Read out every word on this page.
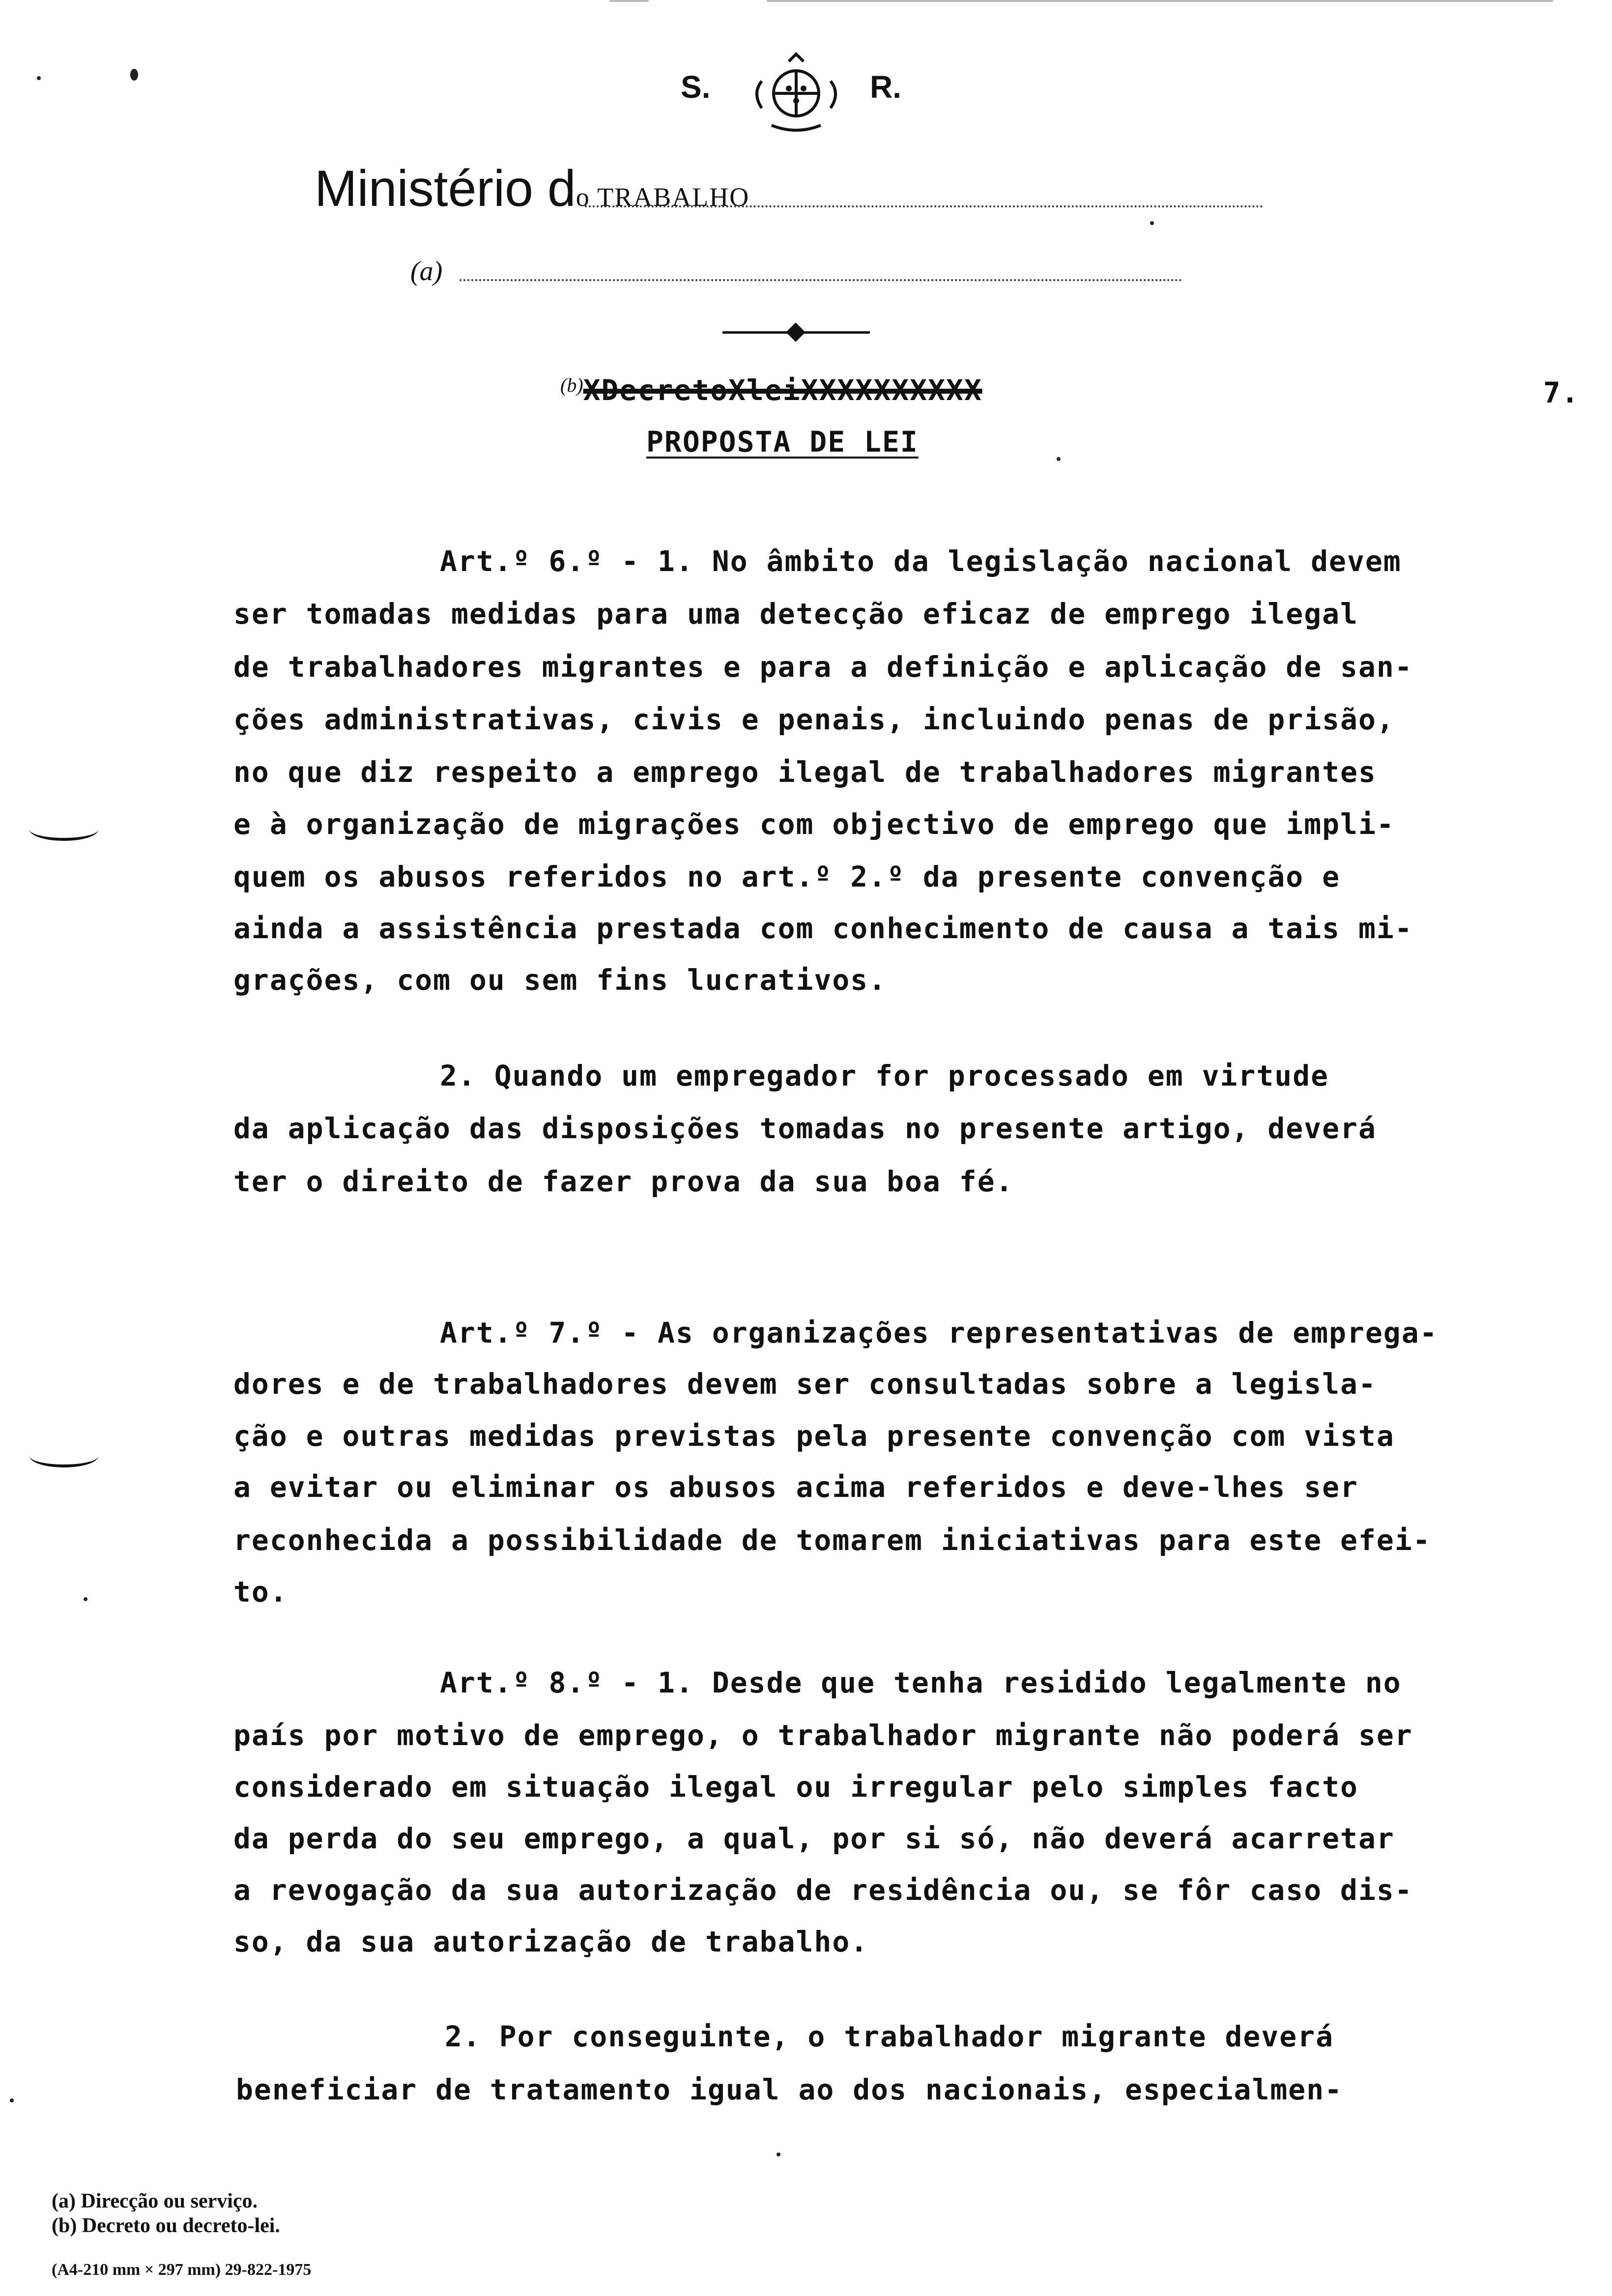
S.	R.
Ministério do TRABALHO
(a)
(b)XDecretoXleiXXXXXXXXXX	7.
PROPOSTA DE LEI
Art.º 6.º - 1. No âmbito da legislação nacional devem
ser tomadas medidas para uma detecção eficaz de emprego ilegal
de trabalhadores migrantes e para a definição e aplicação de san-
ções administrativas, civis e penais, incluindo penas de prisão,
no que diz respeito a emprego ilegal de trabalhadores migrantes
e à organização de migrações com objectivo de emprego que impli-
quem os abusos referidos no art.º 2.º da presente convenção e
ainda a assistência prestada com conhecimento de causa a tais mi-
grações, com ou sem fins lucrativos.
2. Quando um empregador for processado em virtude
da aplicação das disposições tomadas no presente artigo, deverá
ter o direito de fazer prova da sua boa fé.
Art.º 7.º - As organizações representativas de emprega-
dores e de trabalhadores devem ser consultadas sobre a legisla-
ção e outras medidas previstas pela presente convenção com vista
a evitar ou eliminar os abusos acima referidos e deve-lhes ser
reconhecida a possibilidade de tomarem iniciativas para este efei-
to.
Art.º 8.º - 1. Desde que tenha residido legalmente no
país por motivo de emprego, o trabalhador migrante não poderá ser
considerado em situação ilegal ou irregular pelo simples facto
da perda do seu emprego, a qual, por si só, não deverá acarretar
a revogação da sua autorização de residência ou, se fôr caso dis-
so, da sua autorização de trabalho.
2. Por conseguinte, o trabalhador migrante deverá
beneficiar de tratamento igual ao dos nacionais, especialmen-
(a) Direcção ou serviço.
(b) Decreto ou decreto-lei.
(A4-210 mm × 297 mm) 29-822-1975
